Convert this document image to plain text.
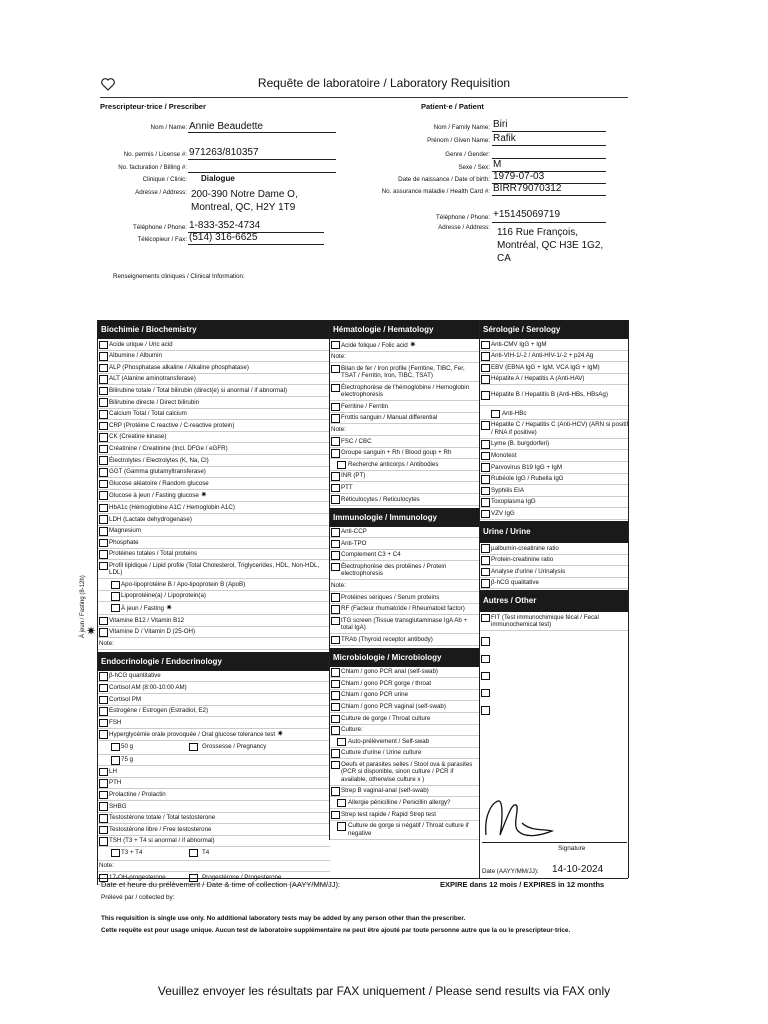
Requête de laboratoire / Laboratory Requisition
Prescripteur·trice / Prescriber
Nom / Name: Annie Beaudette
No. permis / License #: 971263/810357
No. facturation / Billing #:
Clinique / Clinic: Dialogue
Adresse / Address: 200-390 Notre Dame O,
Montreal, QC, H2Y 1T9
Téléphone / Phone: 1-833-352-4734
Télécopieur / Fax: (514) 316-6625
Renseignements cliniques / Clinical Information:
Patient·e / Patient
Nom / Family Name: Biri
Prénom / Given Name: Rafik
Genre / Gender:
Sexe / Sex: M
Date de naissance / Date of birth: 1979-07-03
No. assurance maladie / Health Card #: BIRR79070312
Téléphone / Phone: +15145069719
Adresse / Address: 116 Rue François,
Montréal, QC H3E 1G2,
CA
À jeun / Fasting (8-12h) ✷
Biochimie / Biochemistry
Acide urique / Uric acid
Albumine / Albumin
ALP (Phosphatase alkaline / Alkaline phosphatase)
ALT (Alanine aminotransferase)
Bilirubine totale / Total bilirubin (direct(e) si anormal / if abnormal)
Bilirubine directe / Direct bilirubin
Calcium Total / Total calcium
CRP (Protéine C reactive / C-reactive protein)
CK (Creatine kinase)
Créatinine / Creatinine (Incl. DFGe / eGFR)
Électrolytes / Electrolytes (K, Na, Cl)
GGT (Gamma glutamyltransferase)
Glucose aléatoire / Random glucose
Glucose à jeun / Fasting glucose ✷
HbA1c (Hémoglobine A1C / Hemoglobin A1C)
LDH (Lactate dehydrogenase)
Magnesium
Phosphate
Protéines totales / Total proteins
Profil lipidique / Lipid profile (Total Cholesterol, Triglycerides, HDL, Non-HDL, LDL)
Apo-lipoprotéine B / Apo-lipoprotein B (ApoB)
Lipoprotéine(a) / Lipoprotein(a)
À jeun / Fasting ✷
Vitamine B12 / Vitamin B12
Vitamine D / Vitamin D (25-OH)
Note:
Endocrinologie / Endocrinology
β-hCG quantitative
Cortisol AM (8:00-10:00 AM)
Cortisol PM
Estrogène / Estrogen (Estradiol, E2)
FSH
Hyperglycémie orale provoquée / Oral glucose tolerance test ✷
50 g	Grossesse / Pregnancy
75 g
LH
PTH
Prolactine / Prolactin
SHBG
Testostérone totale / Total testosterone
Testostérone libre / Free testosterone
TSH (T3 + T4 si anormal / if abnormal)
T3 + T4	T4
Note:
17-OH-progesterone	Progestérone / Progesterone
Hématologie / Hematology
Acide folique / Folic acid ✷
Note:
Bilan de fer / Iron profile (Ferritine, TIBC, Fer, TSAT / Ferritin, Iron, TIBC, TSAT)
Électrophorèse de l'hémoglobine / Hemoglobin electrophoresis
Ferritine / Ferritin
Frottis sanguin / Manual differential
Note:
FSC / CBC
Groupe sanguin + Rh / Blood goup + Rh
Recherche anticorps / Antibodies
INR (PT)
PTT
Réticulocytes / Reticulocytes
Immunologie / Immunology
Anti-CCP
Anti-TPO
Complement C3 + C4
Électrophorèse des protéines / Protein electrophoresis
Note:
Protéines sériques / Serum proteins
RF (Facteur rhumatoïde / Rheumatoid factor)
tTG screen (Tissue transglutaminase IgA Ab + total IgA)
TRAb (Thyroid receptor antibody)
Microbiologie / Microbiology
Chlam / gono PCR anal (self-swab)
Chlam / gono PCR gorge / throat
Chlam / gono PCR urine
Chlam / gono PCR vaginal (self-swab)
Culture de gorge / Throat culture
Culture:
Auto-prélèvement / Self-swab
Culture d'urine / Urine culture
Oeufs et parasites selles / Stool ova & parasites (PCR si disponible, sinon culture / PCR if available, otherwise culture x )
Strep B vaginal-anal (self-swab)
Allergie pénicilline / Penicillin allergy?
Strep test rapide / Rapid Strep test
Culture de gorge si négatif / Throat culture if negative
Sérologie / Serology
Anti-CMV IgG + IgM
Anti-VIH-1/-2 / Anti-HIV-1/-2 + p24 Ag
EBV (EBNA IgG + IgM, VCA IgG + IgM)
Hépatite A / Hepatitis A (Anti-HAV)
Hépatite B / Hepatitis B (Anti-HBs, HBsAg)
Anti-HBc
Hépatite C / Hepatitis C (Anti-HCV) (ARN si positif / RNA if positive)
Lyme (B. burgdorferi)
Monotest
Parvovirus B19 IgG + IgM
Rubéole IgG / Rubella IgG
Syphilis EIA
Toxoplasma IgG
VZV IgG
Urine / Urine
µalbumin-creatinine ratio
Protein-creatinine ratio
Analyse d'urine / Urinalysis
β-hCG qualitative
Autres / Other
FIT (Test immunochimique fécal / Fecal immunochemical test)
Signature
Date (AAYY/MM/JJ): 14-10-2024
Date et heure du prélèvement / Date & time of collection (AAYY/MM/JJ):	EXPIRE dans 12 mois / EXPIRES in 12 months
Prélevé par / collected by:
This requisition is single use only. No additional laboratory tests may be added by any person other than the prescriber.
Cette requête est pour usage unique. Aucun test de laboratoire supplémentaire ne peut être ajouté par toute personne autre que la ou le prescripteur·trice.
Veuillez envoyer les résultats par FAX uniquement / Please send results via FAX only
